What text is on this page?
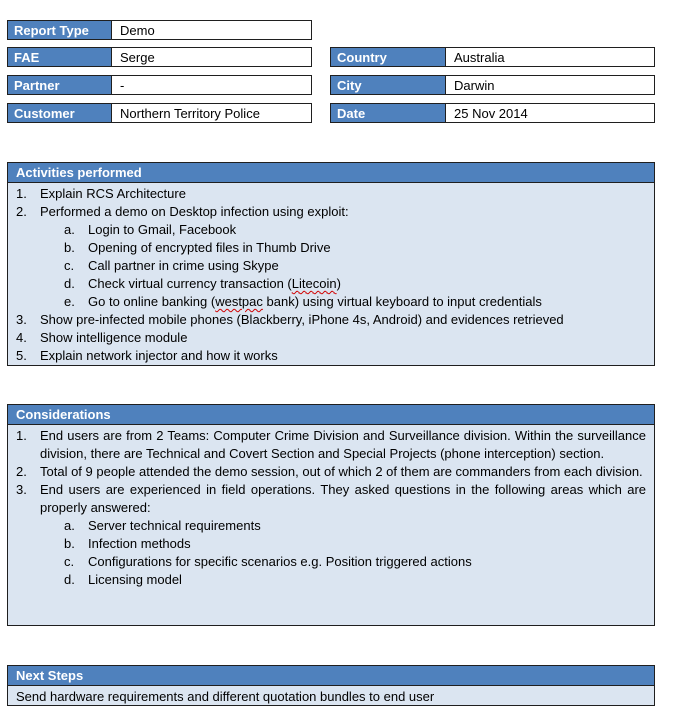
Report Type	Demo
FAE	Serge
Partner	-
Customer	Northern Territory Police
Country	Australia
City	Darwin
Date	25 Nov 2014
Activities performed
1.	Explain RCS Architecture
2.	Performed a demo on Desktop infection using exploit:
a.	Login to Gmail, Facebook
b.	Opening of encrypted files in Thumb Drive
c.	Call partner in crime using Skype
d.	Check virtual currency transaction (Litecoin)
e.	Go to online banking (westpac bank) using virtual keyboard to input credentials
3.	Show pre-infected mobile phones (Blackberry, iPhone 4s, Android) and evidences retrieved
4.	Show intelligence module
5.	Explain network injector and how it works
Considerations
1.	End users are from 2 Teams: Computer Crime Division and Surveillance division. Within the surveillance division, there are Technical and Covert Section and Special Projects (phone interception) section.
2.	Total of 9 people attended the demo session, out of which 2 of them are commanders from each division.
3.	End users are experienced in field operations. They asked questions in the following areas which are properly answered:
a.	Server technical requirements
b.	Infection methods
c.	Configurations for specific scenarios e.g. Position triggered actions
d.	Licensing model
Next Steps
Send hardware requirements and different quotation bundles to end user
